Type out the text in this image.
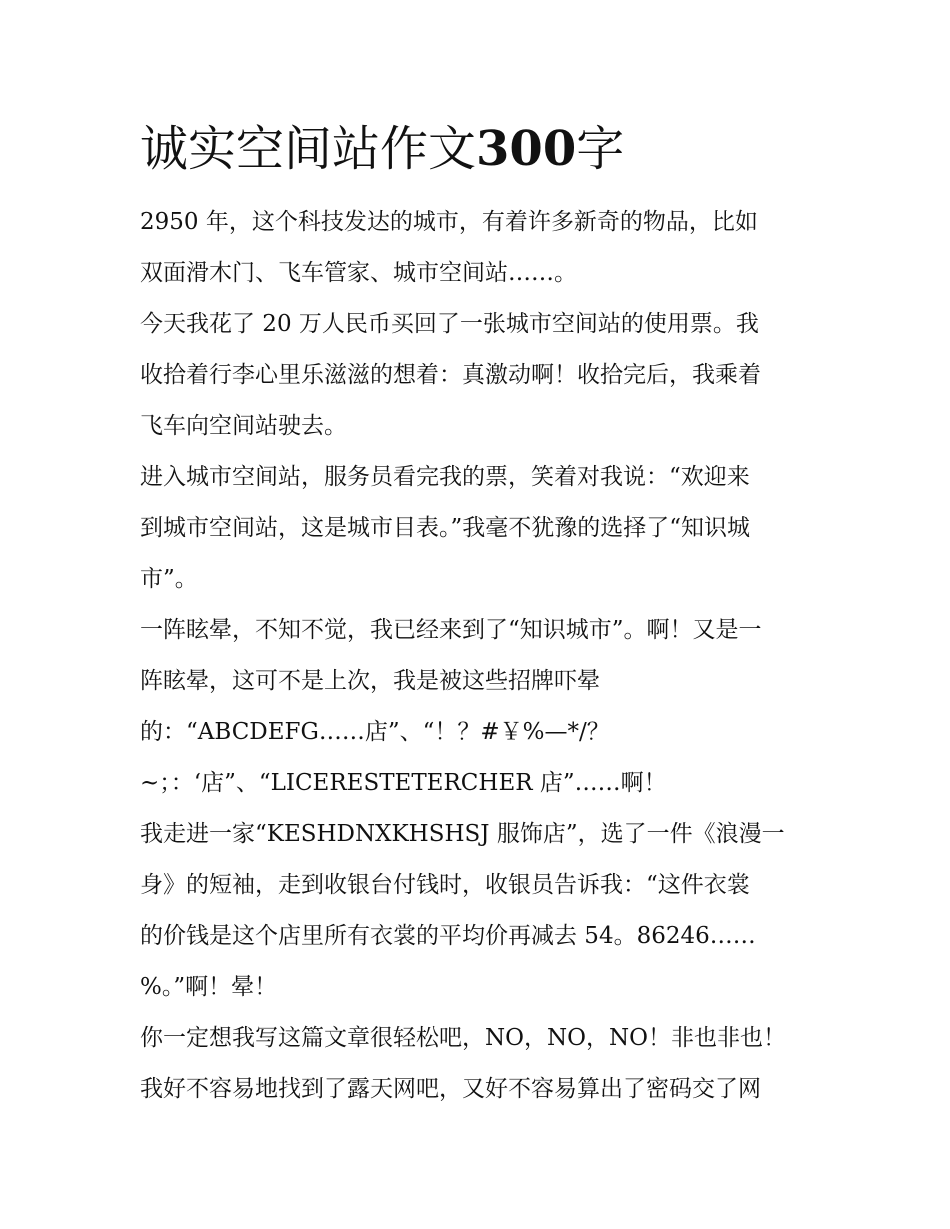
诚实空间站作文300字
2950 年，这个科技发达的城市，有着许多新奇的物品，比如
双面滑木门、飞车管家、城市空间站……。
今天我花了 20 万人民币买回了一张城市空间站的使用票。我
收拾着行李心里乐滋滋的想着：真激动啊！收拾完后，我乘着
飞车向空间站驶去。
进入城市空间站，服务员看完我的票，笑着对我说：“欢迎来
到城市空间站，这是城市目表。”我毫不犹豫的选择了“知识城
市”。
一阵眩晕，不知不觉，我已经来到了“知识城市”。啊！又是一
阵眩晕，这可不是上次，我是被这些招牌吓晕
的：“ABCDEFG……店”、“！？#￥%—*/？
~；：‘店”、“LICERESTETERCHER 店”……啊！
我走进一家“KESHDNXKHSHSJ 服饰店”，选了一件《浪漫一
身》的短袖，走到收银台付钱时，收银员告诉我：“这件衣裳
的价钱是这个店里所有衣裳的平均价再减去 54。86246……
%。”啊！晕！
你一定想我写这篇文章很轻松吧，NO，NO，NO！非也非也！
我好不容易地找到了露天网吧，又好不容易算出了密码交了网
